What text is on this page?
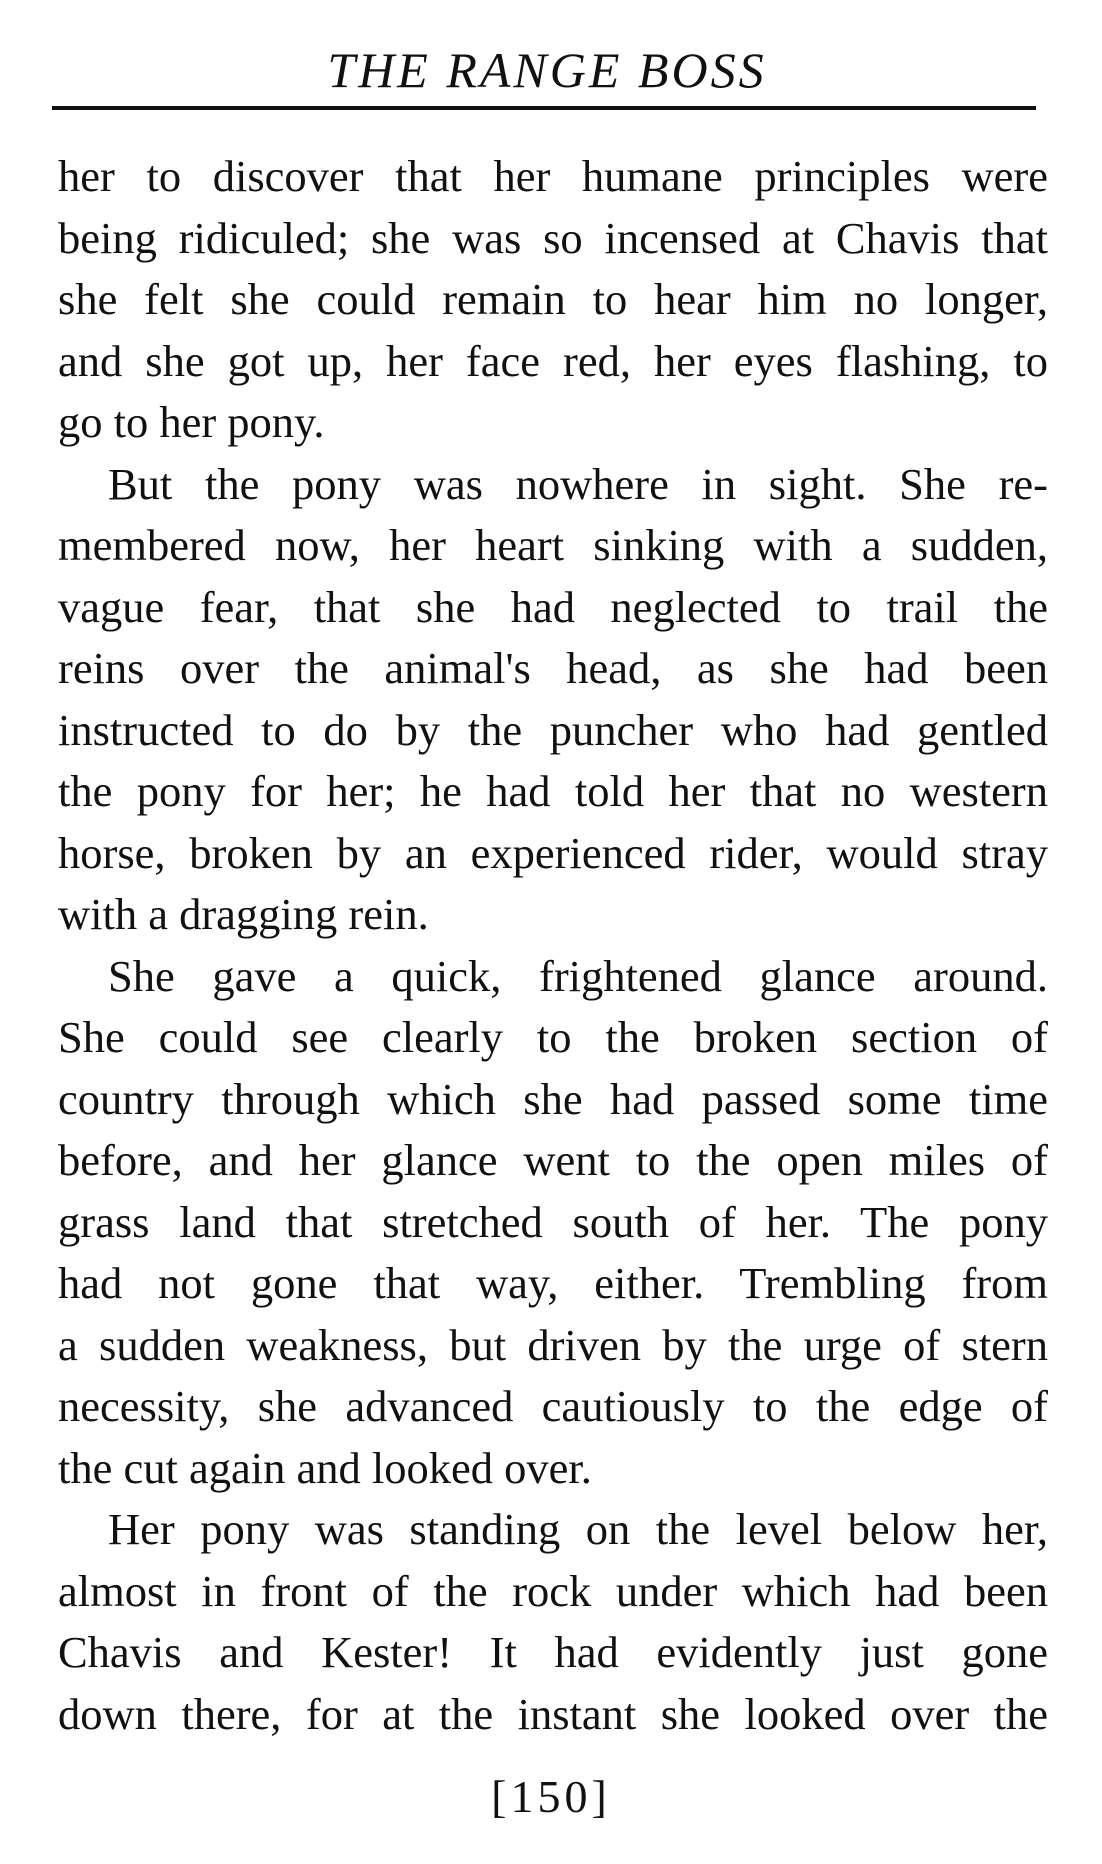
THE RANGE BOSS

her to discover that her humane principles were
being ridiculed; she was so incensed at Chavis that
she felt she could remain to hear him no longer,
and she got up, her face red, her eyes flashing, to
go to her pony.

But the pony was nowhere in sight. She re-
membered now, her heart sinking with a sudden,
vague fear, that she had neglected to trail the
reins over the animal's head, as she had been
instructed to do by the puncher who had gentled
the pony for her; he had told her that no western
horse, broken by an experienced rider, would stray
with a dragging rein.

She gave a quick, frightened glance around.
She could see clearly to the broken section of
country through which she had passed some time
before, and her glance went to the open miles of
grass land that stretched south of her. The pony
had not gone that way, either. Trembling from
a sudden weakness, but driven by the urge of stern
necessity, she advanced cautiously to the edge of
the cut again and looked over.

Her pony was standing on the level below her,
almost in front of the rock under which had been
Chavis and Kester! It had evidently just gone
down there, for at the instant she looked over the

[150]
